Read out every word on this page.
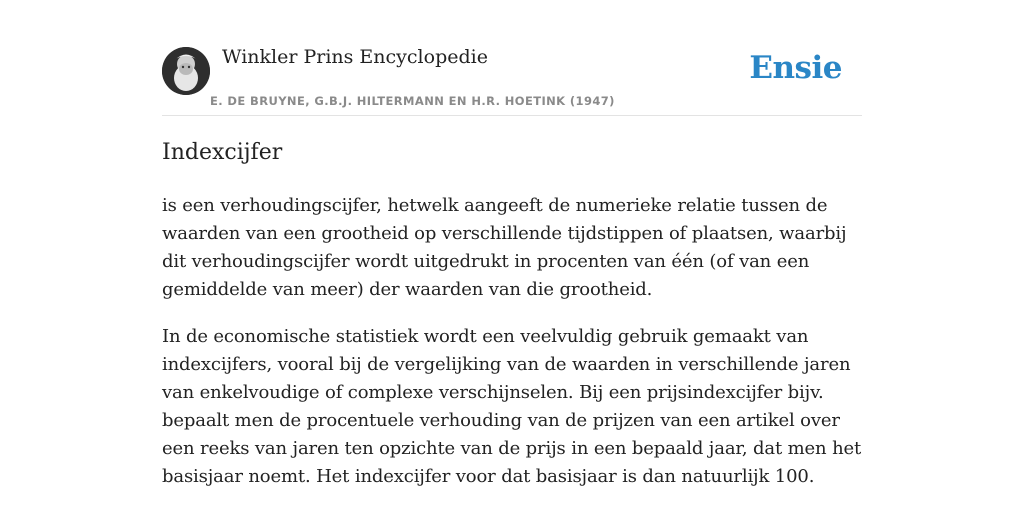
Winkler Prins Encyclopedie
E. DE BRUYNE, G.B.J. HILTERMANN EN H.R. HOETINK (1947)
Ensie
Indexcijfer

is een verhoudingscijfer, hetwelk aangeeft de numerieke relatie tussen de waarden van een grootheid op verschillende tijdstippen of plaatsen, waarbij dit verhoudingscijfer wordt uitgedrukt in procenten van één (of van een gemiddelde van meer) der waarden van die grootheid.

In de economische statistiek wordt een veelvuldig gebruik gemaakt van indexcijfers, vooral bij de vergelijking van de waarden in verschillende jaren van enkelvoudige of complexe verschijnselen. Bij een prijsindexcijfer bijv. bepaalt men de procentuele verhouding van de prijzen van een artikel over een reeks van jaren ten opzichte van de prijs in een bepaald jaar, dat men het basisjaar noemt. Het indexcijfer voor dat basisjaar is dan natuurlijk 100.
